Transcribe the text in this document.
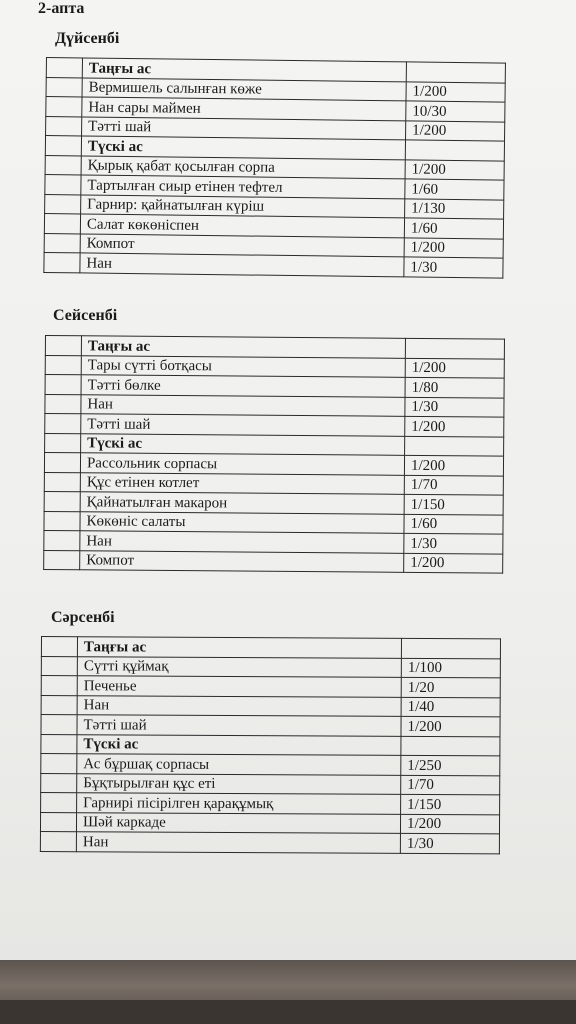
2-апта
Дүйсенбі
	Таңғы ас	
	Вермишель салынған көже	1/200
	Нан сары маймен	10/30
	Тәтті шай	1/200
	Түскі ас	
	Қырық қабат қосылған сорпа	1/200
	Тартылған сиыр етінен тефтел	1/60
	Гарнир: қайнатылған күріш	1/130
	Салат көкөніспен	1/60
	Компот	1/200
	Нан	1/30
Сейсенбі
	Таңғы ас	
	Тары сүтті ботқасы	1/200
	Тәтті бөлке	1/80
	Нан	1/30
	Тәтті шай	1/200
	Түскі ас	
	Рассольник сорпасы	1/200
	Құс етінен котлет	1/70
	Қайнатылған макарон	1/150
	Көкөніс салаты	1/60
	Нан	1/30
	Компот	1/200
Сәрсенбі
	Таңғы ас	
	Сүтті құймақ	1/100
	Печенье	1/20
	Нан	1/40
	Тәтті шай	1/200
	Түскі ас	
	Ас бұршақ сорпасы	1/250
	Бұқтырылған құс еті	1/70
	Гарнирі пісірілген қарақұмық	1/150
	Шәй каркаде	1/200
	Нан	1/30
